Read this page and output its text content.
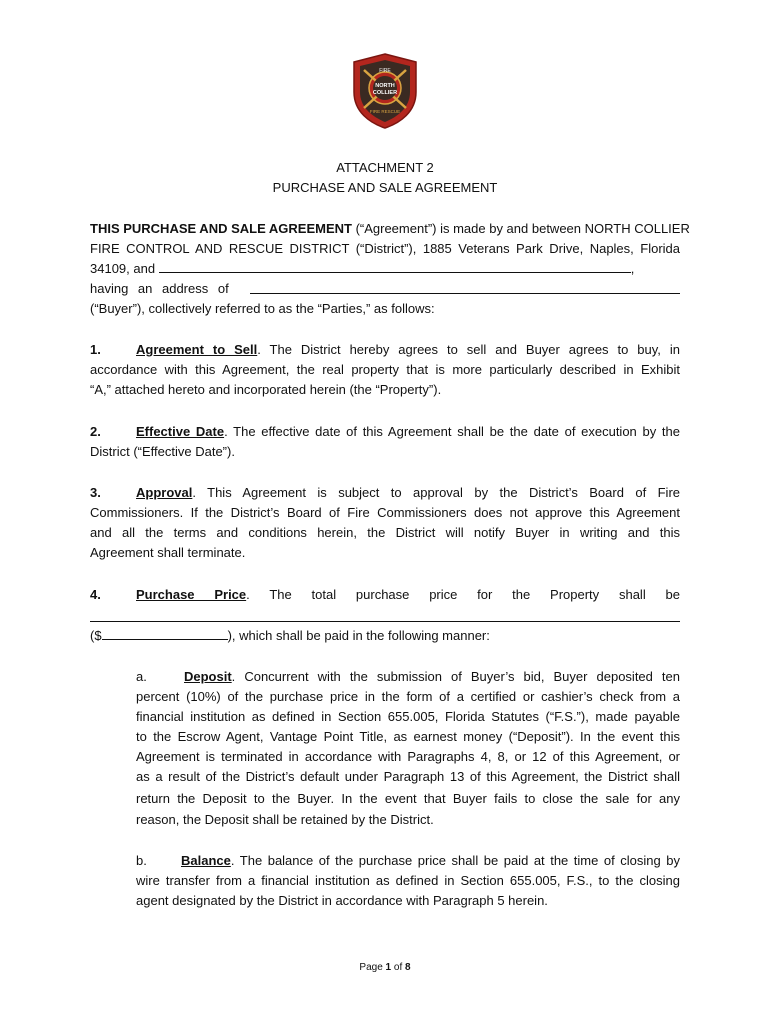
FIRE
NORTH
COLLIER
FIRE RESCUE
ATTACHMENT 2
PURCHASE AND SALE AGREEMENT
THIS PURCHASE AND SALE AGREEMENT (“Agreement”) is made by and between NORTH COLLIER
FIRE CONTROL AND RESCUE DISTRICT (“District”), 1885 Veterans Park Drive, Naples, Florida
34109, and	,
having an address of
(“Buyer”), collectively referred to as the “Parties,” as follows:
1.	Agreement to Sell. The District hereby agrees to sell and Buyer agrees to buy, in
accordance with this Agreement, the real property that is more particularly described in Exhibit
“A,” attached hereto and incorporated herein (the “Property”).
2.	Effective Date. The effective date of this Agreement shall be the date of execution by the
District (“Effective Date”).
3.	Approval. This Agreement is subject to approval by the District’s Board of Fire
Commissioners. If the District’s Board of Fire Commissioners does not approve this Agreement
and all the terms and conditions herein, the District will notify Buyer in writing and this
Agreement shall terminate.
4.	Purchase Price. The total purchase price for the Property shall be
($	), which shall be paid in the following manner:
a.	Deposit. Concurrent with the submission of Buyer’s bid, Buyer deposited ten
percent (10%) of the purchase price in the form of a certified or cashier’s check from a
financial institution as defined in Section 655.005, Florida Statutes (“F.S.”), made payable
to the Escrow Agent, Vantage Point Title, as earnest money (“Deposit”). In the event this
Agreement is terminated in accordance with Paragraphs 4, 8, or 12 of this Agreement, or
as a result of the District’s default under Paragraph 13 of this Agreement, the District shall
return the Deposit to the Buyer. In the event that Buyer fails to close the sale for any
reason, the Deposit shall be retained by the District.
b.	Balance. The balance of the purchase price shall be paid at the time of closing by
wire transfer from a financial institution as defined in Section 655.005, F.S., to the closing
agent designated by the District in accordance with Paragraph 5 herein.
Page 1 of 8
